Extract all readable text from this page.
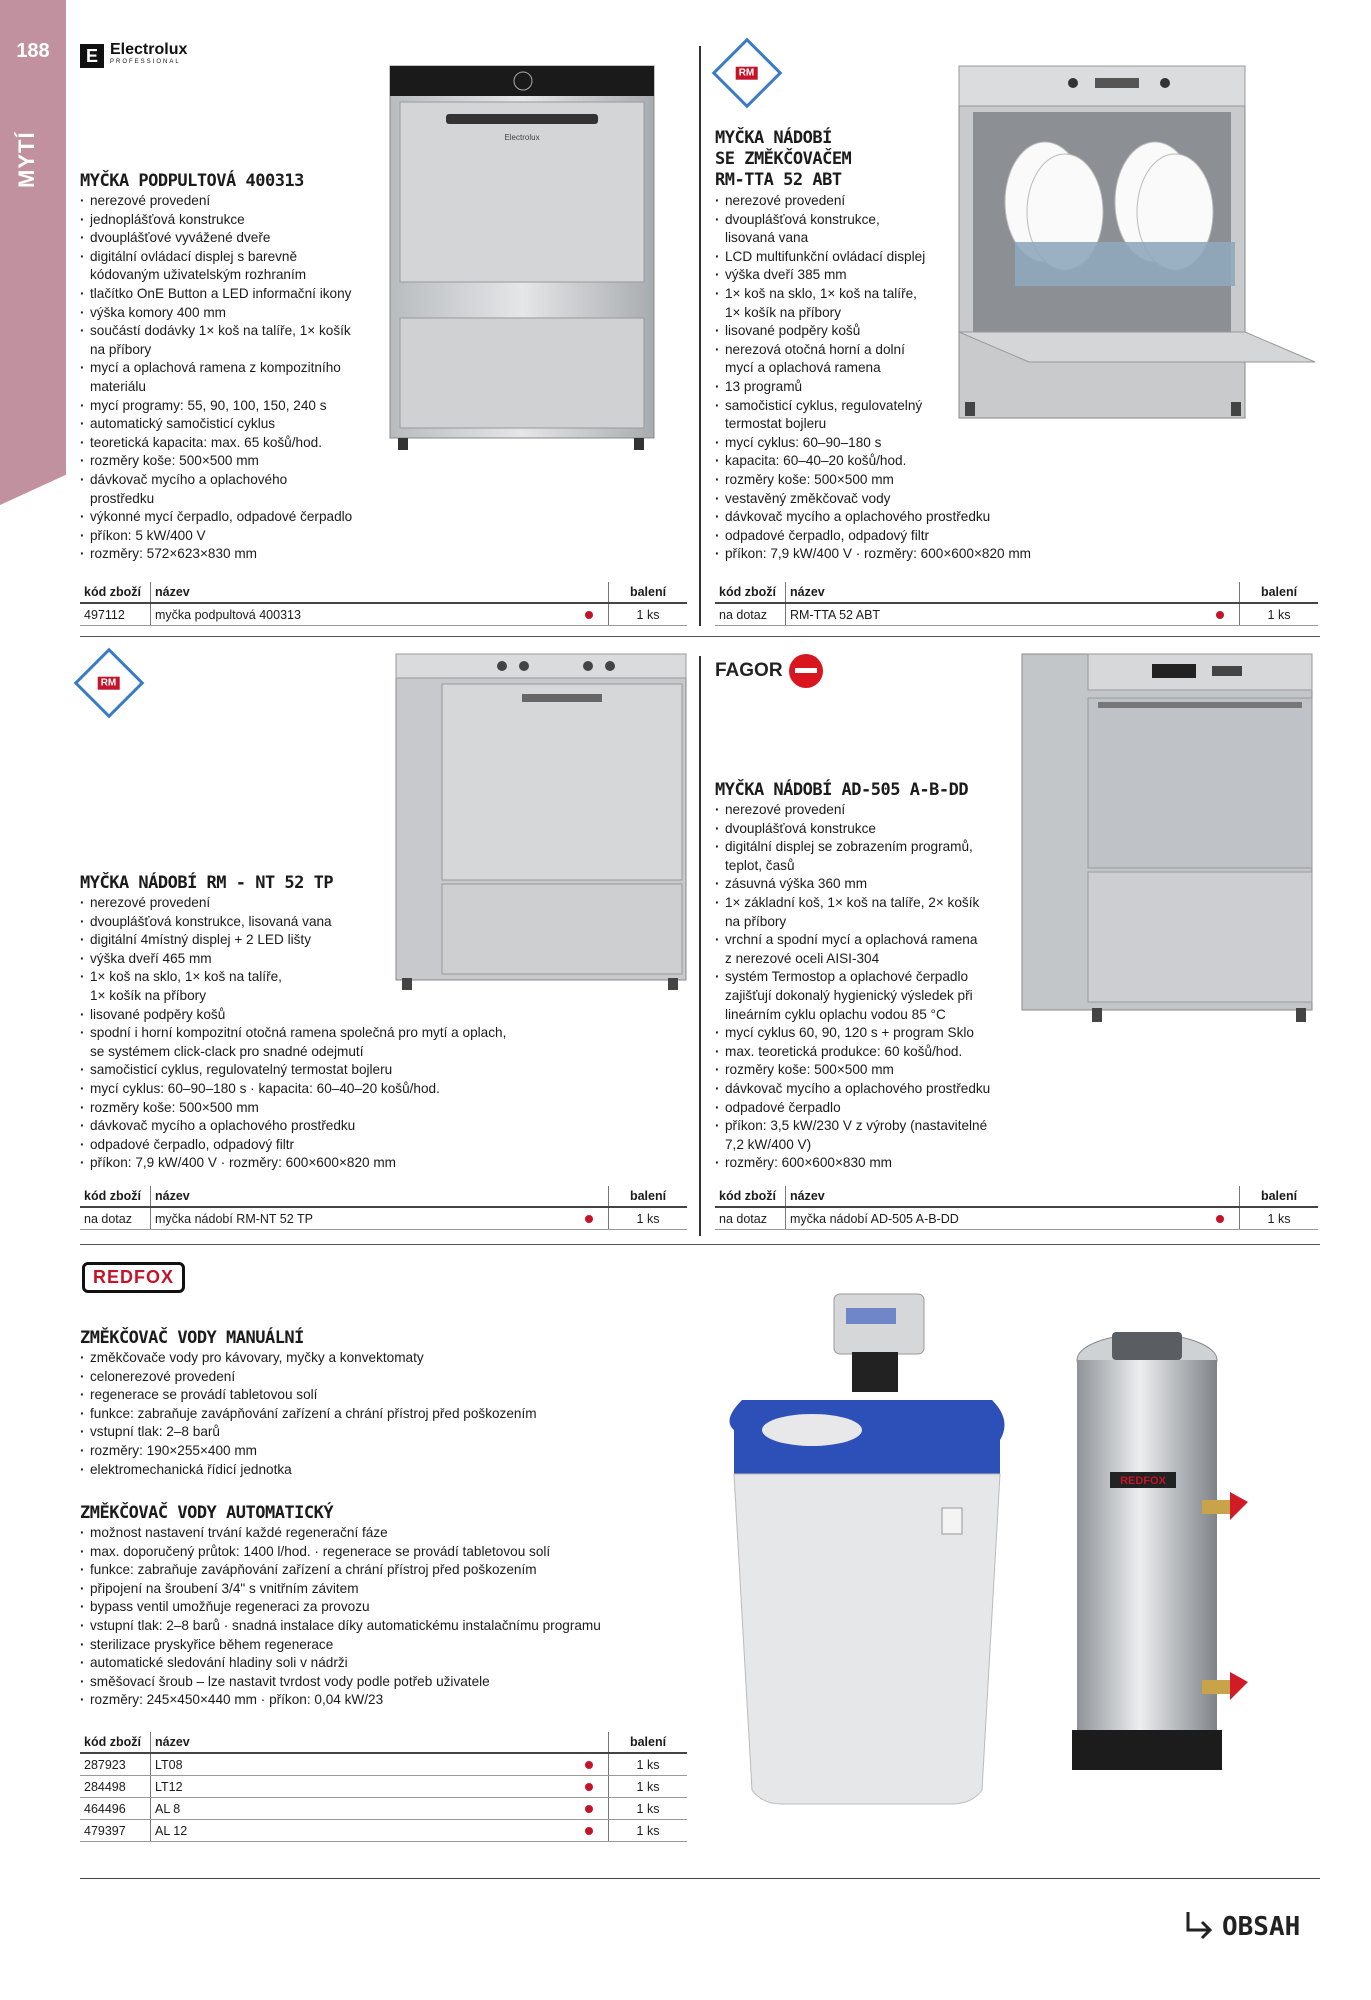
188
MYTÍ
E Electrolux
PROFESSIONAL
MYČKA PODPULTOVÁ 400313
· nerezové provedení
· jednoplášťová konstrukce
· dvouplášťové vyvážené dveře
· digitální ovládací displej s barevně
kódovaným uživatelským rozhraním
· tlačítko OnE Button a LED informační ikony
· výška komory 400 mm
· součástí dodávky 1× koš na talíře, 1× košík
na příbory
· mycí a oplachová ramena z kompozitního
materiálu
· mycí programy: 55, 90, 100, 150, 240 s
· automatický samočisticí cyklus
· teoretická kapacita: max. 65 košů/hod.
· rozměry koše: 500×500 mm
· dávkovač mycího a oplachového
prostředku
· výkonné mycí čerpadlo, odpadové čerpadlo
· příkon: 5 kW/400 V
· rozměry: 572×623×830 mm
Electrolux
kód zboží	název		balení
497112	myčka podpultová 400313		1 ks
RM
MYČKA NÁDOBÍ
SE ZMĚKČOVAČEM
RM-TTA 52 ABT
· nerezové provedení
· dvouplášťová konstrukce,
lisovaná vana
· LCD multifunkční ovládací displej
· výška dveří 385 mm
· 1× koš na sklo, 1× koš na talíře,
1× košík na příbory
· lisované podpěry košů
· nerezová otočná horní a dolní
mycí a oplachová ramena
· 13 programů
· samočisticí cyklus, regulovatelný
termostat bojleru
· mycí cyklus: 60–90–180 s
· kapacita: 60–40–20 košů/hod.
· rozměry koše: 500×500 mm
· vestavěný změkčovač vody
· dávkovač mycího a oplachového prostředku
· odpadové čerpadlo, odpadový filtr
· příkon: 7,9 kW/400 V · rozměry: 600×600×820 mm
kód zboží	název		balení
na dotaz	RM-TTA 52 ABT		1 ks
RM
MYČKA NÁDOBÍ RM - NT 52 TP
· nerezové provedení
· dvouplášťová konstrukce, lisovaná vana
· digitální 4místný displej + 2 LED lišty
· výška dveří 465 mm
· 1× koš na sklo, 1× koš na talíře,
1× košík na příbory
· lisované podpěry košů
· spodní i horní kompozitní otočná ramena společná pro mytí a oplach,
se systémem click-clack pro snadné odejmutí
· samočisticí cyklus, regulovatelný termostat bojleru
· mycí cyklus: 60–90–180 s · kapacita: 60–40–20 košů/hod.
· rozměry koše: 500×500 mm
· dávkovač mycího a oplachového prostředku
· odpadové čerpadlo, odpadový filtr
· příkon: 7,9 kW/400 V · rozměry: 600×600×820 mm
kód zboží	název		balení
na dotaz	myčka nádobí RM-NT 52 TP		1 ks
FAGOR
MYČKA NÁDOBÍ AD-505 A-B-DD
· nerezové provedení
· dvouplášťová konstrukce
· digitální displej se zobrazením programů,
teplot, časů
· zásuvná výška 360 mm
· 1× základní koš, 1× koš na talíře, 2× košík
na příbory
· vrchní a spodní mycí a oplachová ramena
z nerezové oceli AISI-304
· systém Termostop a oplachové čerpadlo
zajišťují dokonalý hygienický výsledek při
lineárním cyklu oplachu vodou 85 °C
· mycí cyklus 60, 90, 120 s + program Sklo
· max. teoretická produkce: 60 košů/hod.
· rozměry koše: 500×500 mm
· dávkovač mycího a oplachového prostředku
· odpadové čerpadlo
· příkon: 3,5 kW/230 V z výroby (nastavitelné
7,2 kW/400 V)
· rozměry: 600×600×830 mm
kód zboží	název		balení
na dotaz	myčka nádobí AD-505 A-B-DD		1 ks
REDFOX
ZMĚKČOVAČ VODY MANUÁLNÍ
· změkčovače vody pro kávovary, myčky a konvektomaty
· celonerezové provedení
· regenerace se provádí tabletovou solí
· funkce: zabraňuje zavápňování zařízení a chrání přístroj před poškozením
· vstupní tlak: 2–8 barů
· rozměry: 190×255×400 mm
· elektromechanická řídicí jednotka
ZMĚKČOVAČ VODY AUTOMATICKÝ
· možnost nastavení trvání každé regenerační fáze
· max. doporučený průtok: 1400 l/hod. · regenerace se provádí tabletovou solí
· funkce: zabraňuje zavápňování zařízení a chrání přístroj před poškozením
· připojení na šroubení 3/4" s vnitřním závitem
· bypass ventil umožňuje regeneraci za provozu
· vstupní tlak: 2–8 barů · snadná instalace díky automatickému instalačnímu programu
· sterilizace pryskyřice během regenerace
· automatické sledování hladiny soli v nádrži
· směšovací šroub – lze nastavit tvrdost vody podle potřeb uživatele
· rozměry: 245×450×440 mm · příkon: 0,04 kW/23
kód zboží	název		balení
287923	LT08		1 ks
284498	LT12		1 ks
464496	AL 8		1 ks
479397	AL 12		1 ks
REDFOX
OBSAH
